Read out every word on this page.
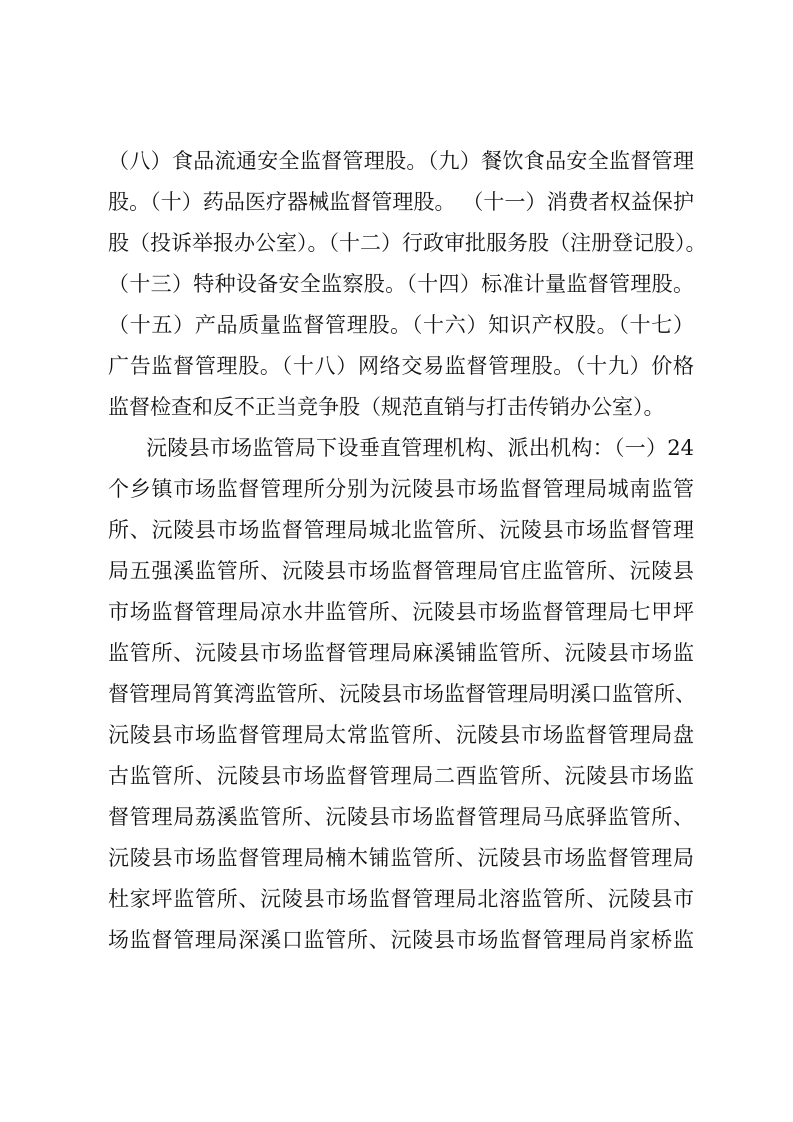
（八）食品流通安全监督管理股。（九）餐饮食品安全监督管理
股。（十）药品医疗器械监督管理股。 （十一）消费者权益保护
股（投诉举报办公室）。（十二）行政审批服务股（注册登记股）。
（十三）特种设备安全监察股。（十四）标准计量监督管理股。
（十五）产品质量监督管理股。（十六）知识产权股。（十七）
广告监督管理股。（十八）网络交易监督管理股。（十九）价格
监督检查和反不正当竞争股（规范直销与打击传销办公室）。
沅陵县市场监管局下设垂直管理机构、派出机构：（一）24
个乡镇市场监督管理所分别为沅陵县市场监督管理局城南监管
所、沅陵县市场监督管理局城北监管所、沅陵县市场监督管理
局五强溪监管所、沅陵县市场监督管理局官庄监管所、沅陵县
市场监督管理局凉水井监管所、沅陵县市场监督管理局七甲坪
监管所、沅陵县市场监督管理局麻溪铺监管所、沅陵县市场监
督管理局筲箕湾监管所、沅陵县市场监督管理局明溪口监管所、
沅陵县市场监督管理局太常监管所、沅陵县市场监督管理局盘
古监管所、沅陵县市场监督管理局二酉监管所、沅陵县市场监
督管理局荔溪监管所、沅陵县市场监督管理局马底驿监管所、
沅陵县市场监督管理局楠木铺监管所、沅陵县市场监督管理局
杜家坪监管所、沅陵县市场监督管理局北溶监管所、沅陵县市
场监督管理局深溪口监管所、沅陵县市场监督管理局肖家桥监
